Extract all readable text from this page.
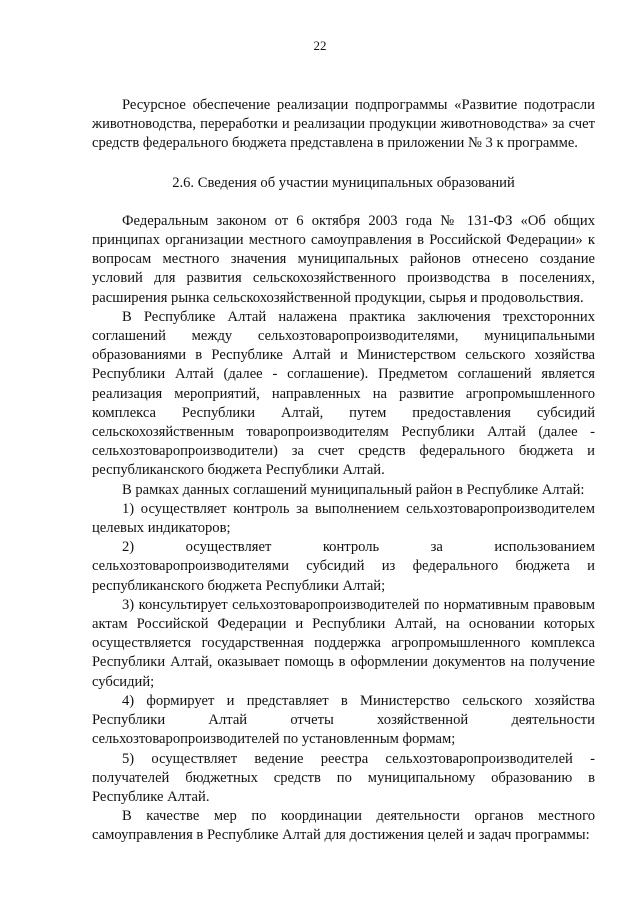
22

Ресурсное обеспечение реализации подпрограммы «Развитие подотрасли животноводства, переработки и реализации продукции животноводства» за счет средств федерального бюджета представлена в приложении № 3 к программе.

2.6. Сведения об участии муниципальных образований

Федеральным законом от 6 октября 2003 года № 131-ФЗ «Об общих принципах организации местного самоуправления в Российской Федерации» к вопросам местного значения муниципальных районов отнесено создание условий для развития сельскохозяйственного производства в поселениях, расширения рынка сельскохозяйственной продукции, сырья и продовольствия.

В Республике Алтай налажена практика заключения трехсторонних соглашений между сельхозтоваропроизводителями, муниципальными образованиями в Республике Алтай и Министерством сельского хозяйства Республики Алтай (далее - соглашение). Предметом соглашений является реализация мероприятий, направленных на развитие агропромышленного комплекса Республики Алтай, путем предоставления субсидий сельскохозяйственным товаропроизводителям Республики Алтай (далее - сельхозтоваропроизводители) за счет средств федерального бюджета и республиканского бюджета Республики Алтай.

В рамках данных соглашений муниципальный район в Республике Алтай:

1) осуществляет контроль за выполнением сельхозтоваропроизводителем целевых индикаторов;

2) осуществляет контроль за использованием сельхозтоваропроизводителями субсидий из федерального бюджета и республиканского бюджета Республики Алтай;

3) консультирует сельхозтоваропроизводителей по нормативным правовым актам Российской Федерации и Республики Алтай, на основании которых осуществляется государственная поддержка агропромышленного комплекса Республики Алтай, оказывает помощь в оформлении документов на получение субсидий;

4) формирует и представляет в Министерство сельского хозяйства Республики Алтай отчеты хозяйственной деятельности сельхозтоваропроизводителей по установленным формам;

5) осуществляет ведение реестра сельхозтоваропроизводителей - получателей бюджетных средств по муниципальному образованию в Республике Алтай.

В качестве мер по координации деятельности органов местного самоуправления в Республике Алтай для достижения целей и задач программы:
